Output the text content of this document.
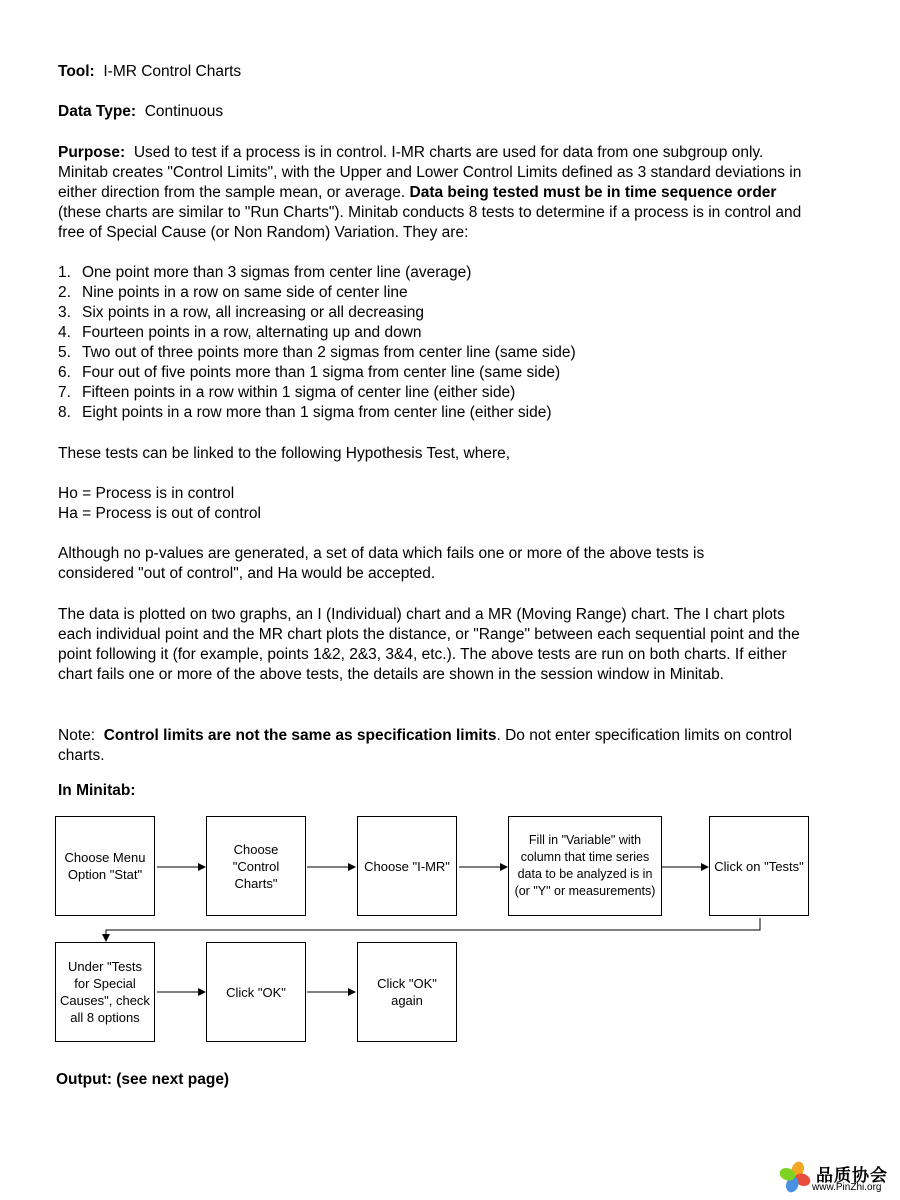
Tool: I-MR Control Charts
Data Type: Continuous
Purpose: Used to test if a process is in control. I-MR charts are used for data from one subgroup only. Minitab creates "Control Limits", with the Upper and Lower Control Limits defined as 3 standard deviations in either direction from the sample mean, or average. Data being tested must be in time sequence order (these charts are similar to "Run Charts"). Minitab conducts 8 tests to determine if a process is in control and free of Special Cause (or Non Random) Variation. They are:
1. One point more than 3 sigmas from center line (average)
2. Nine points in a row on same side of center line
3. Six points in a row, all increasing or all decreasing
4. Fourteen points in a row, alternating up and down
5. Two out of three points more than 2 sigmas from center line (same side)
6. Four out of five points more than 1 sigma from center line (same side)
7. Fifteen points in a row within 1 sigma of center line (either side)
8. Eight points in a row more than 1 sigma from center line (either side)
These tests can be linked to the following Hypothesis Test, where,
Ho = Process is in control
Ha = Process is out of control
Although no p-values are generated, a set of data which fails one or more of the above tests is considered "out of control", and Ha would be accepted.
The data is plotted on two graphs, an I (Individual) chart and a MR (Moving Range) chart. The I chart plots each individual point and the MR chart plots the distance, or "Range" between each sequential point and the point following it (for example, points 1&2, 2&3, 3&4, etc.). The above tests are run on both charts. If either chart fails one or more of the above tests, the details are shown in the session window in Minitab.
Note: Control limits are not the same as specification limits. Do not enter specification limits on control charts.
In Minitab:
Choose Menu Option "Stat"
Choose "Control Charts"
Choose "I-MR"
Fill in "Variable" with column that time series data to be analyzed is in (or "Y" or measurements)
Click on "Tests"
Under "Tests for Special Causes", check all 8 options
Click "OK"
Click "OK" again
Output: (see next page)
品质协会
www.PinZhi.org
